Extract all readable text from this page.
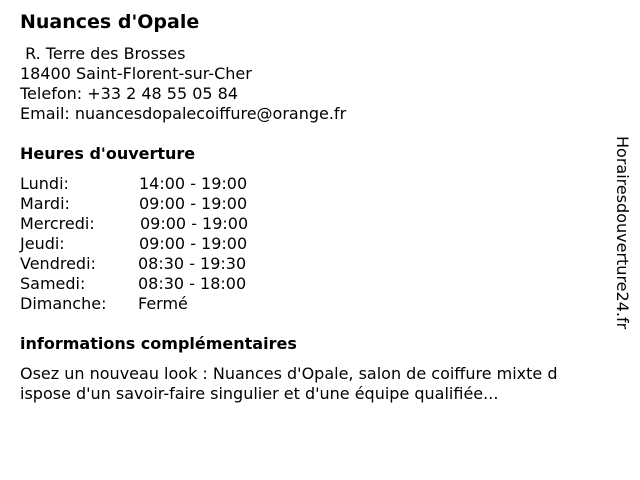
Nuances d'Opale
R. Terre des Brosses
18400 Saint-Florent-sur-Cher
Telefon: +33 2 48 55 05 84
Email: nuancesdopalecoiffure@orange.fr
Heures d'ouverture
Lundi:	14:00 - 19:00
Mardi:	09:00 - 19:00
Mercredi:	09:00 - 19:00
Jeudi:	09:00 - 19:00
Vendredi:	08:30 - 19:30
Samedi:	08:30 - 18:00
Dimanche: Fermé
informations complémentaires
Osez un nouveau look : Nuances d'Opale, salon de coiffure mixte d
ispose d'un savoir-faire singulier et d'une équipe qualifiée...
Horairesdouverture24.fr
